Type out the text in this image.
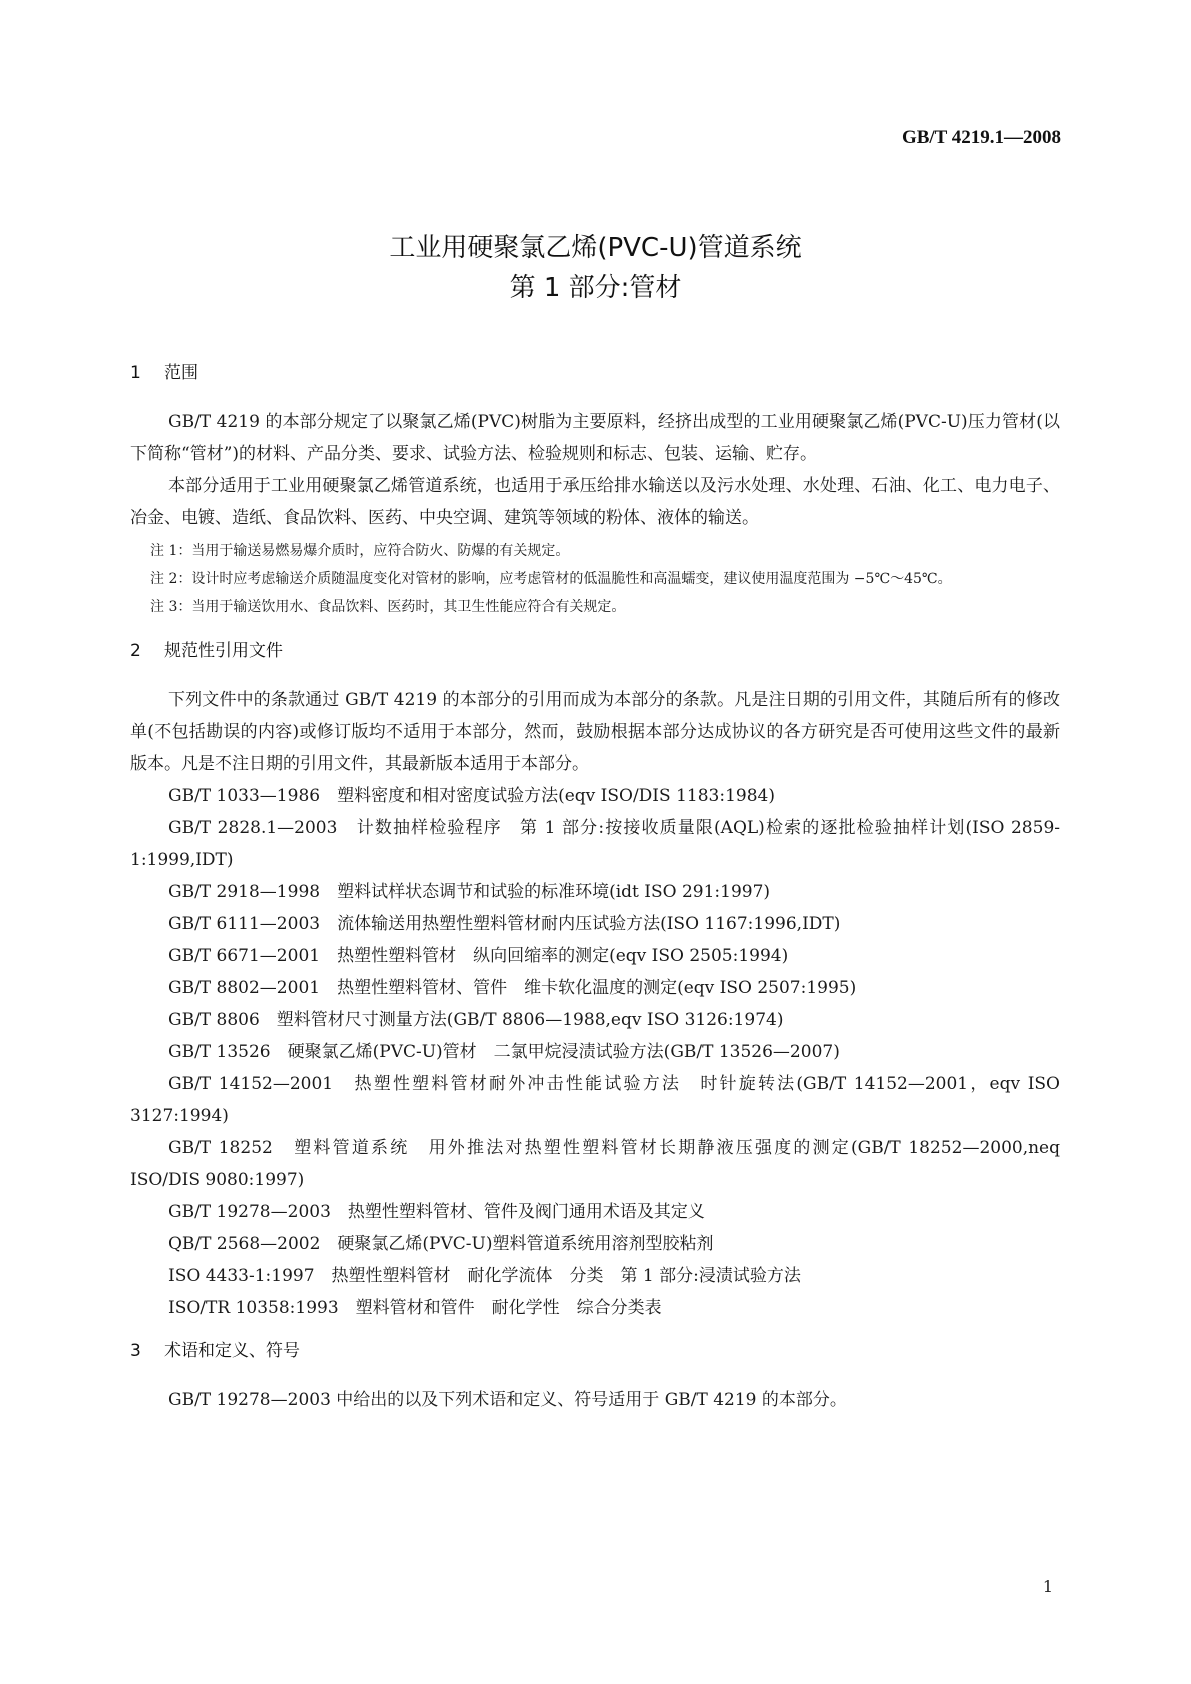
GB/T 4219.1—2008
工业用硬聚氯乙烯(PVC-U)管道系统
第 1 部分:管材
1 范围

GB/T 4219 的本部分规定了以聚氯乙烯(PVC)树脂为主要原料，经挤出成型的工业用硬聚氯乙烯(PVC-U)压力管材(以下简称“管材”)的材料、产品分类、要求、试验方法、检验规则和标志、包装、运输、贮存。

本部分适用于工业用硬聚氯乙烯管道系统，也适用于承压给排水输送以及污水处理、水处理、石油、化工、电力电子、冶金、电镀、造纸、食品饮料、医药、中央空调、建筑等领域的粉体、液体的输送。

注 1：当用于输送易燃易爆介质时，应符合防火、防爆的有关规定。

注 2：设计时应考虑输送介质随温度变化对管材的影响，应考虑管材的低温脆性和高温蠕变，建议使用温度范围为 −5℃～45℃。

注 3：当用于输送饮用水、食品饮料、医药时，其卫生性能应符合有关规定。

2 规范性引用文件

下列文件中的条款通过 GB/T 4219 的本部分的引用而成为本部分的条款。凡是注日期的引用文件，其随后所有的修改单(不包括勘误的内容)或修订版均不适用于本部分，然而，鼓励根据本部分达成协议的各方研究是否可使用这些文件的最新版本。凡是不注日期的引用文件，其最新版本适用于本部分。

GB/T 1033—1986　塑料密度和相对密度试验方法(eqv ISO/DIS 1183:1984)

GB/T 2828.1—2003　计数抽样检验程序　第 1 部分:按接收质量限(AQL)检索的逐批检验抽样计划(ISO 2859-1:1999,IDT)

GB/T 2918—1998　塑料试样状态调节和试验的标准环境(idt ISO 291:1997)

GB/T 6111—2003　流体输送用热塑性塑料管材耐内压试验方法(ISO 1167:1996,IDT)

GB/T 6671—2001　热塑性塑料管材　纵向回缩率的测定(eqv ISO 2505:1994)

GB/T 8802—2001　热塑性塑料管材、管件　维卡软化温度的测定(eqv ISO 2507:1995)

GB/T 8806　塑料管材尺寸测量方法(GB/T 8806—1988,eqv ISO 3126:1974)

GB/T 13526　硬聚氯乙烯(PVC-U)管材　二氯甲烷浸渍试验方法(GB/T 13526—2007)

GB/T 14152—2001　热塑性塑料管材耐外冲击性能试验方法　时针旋转法(GB/T 14152—2001，eqv ISO 3127:1994)

GB/T 18252　塑料管道系统　用外推法对热塑性塑料管材长期静液压强度的测定(GB/T 18252—2000,neq ISO/DIS 9080:1997)

GB/T 19278—2003　热塑性塑料管材、管件及阀门通用术语及其定义

QB/T 2568—2002　硬聚氯乙烯(PVC-U)塑料管道系统用溶剂型胶粘剂

ISO 4433-1:1997　热塑性塑料管材　耐化学流体　分类　第 1 部分:浸渍试验方法

ISO/TR 10358:1993　塑料管材和管件　耐化学性　综合分类表

3 术语和定义、符号

GB/T 19278—2003 中给出的以及下列术语和定义、符号适用于 GB/T 4219 的本部分。

1
